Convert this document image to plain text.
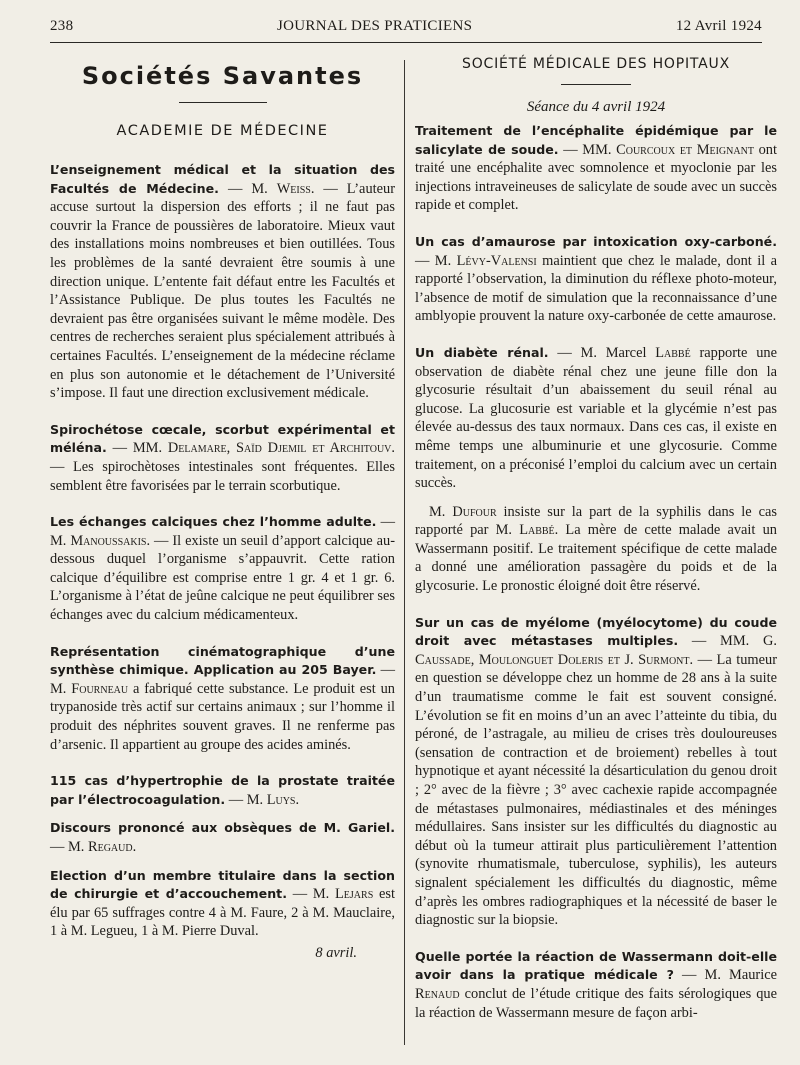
238	JOURNAL DES PRATICIENS	12 Avril 1924
Sociétés Savantes
ACADEMIE DE MÉDECINE
L’enseignement médical et la situation des Facultés de Médecine. — M. Weiss. — L’auteur accuse surtout la dispersion des efforts ; il ne faut pas couvrir la France de poussières de laboratoire. Mieux vaut des installations moins nombreuses et bien outillées. Tous les problèmes de la santé devraient être soumis à une direction unique. L’entente fait défaut entre les Facultés et l’Assistance Publique. De plus toutes les Facultés ne devraient pas être organisées suivant le même modèle. Des centres de recherches seraient plus spécialement attribués à certaines Facultés. L’enseignement de la médecine réclame en plus son autonomie et le détachement de l’Université s’impose. Il faut une direction exclusivement médicale.
Spirochétose cœcale, scorbut expérimental et méléna. — MM. Delamare, Saïd Djemil et Architouv. — Les spirochètoses intestinales sont fréquentes. Elles semblent être favorisées par le terrain scorbutique.
Les échanges calciques chez l’homme adulte. — M. Manoussakis. — Il existe un seuil d’apport calcique au-dessous duquel l’organisme s’appauvrit. Cette ration calcique d’équilibre est comprise entre 1 gr. 4 et 1 gr. 6. L’organisme à l’état de jeûne calcique ne peut équilibrer ses échanges avec du calcium médicamenteux.
Représentation cinématographique d’une synthèse chimique. Application au 205 Bayer. — M. Fourneau a fabriqué cette substance. Le produit est un trypanoside très actif sur certains animaux ; sur l’homme il produit des néphrites souvent graves. Il ne renferme pas d’arsenic. Il appartient au groupe des acides aminés.
115 cas d’hypertrophie de la prostate traitée par l’électrocoagulation. — M. Luys.
Discours prononcé aux obsèques de M. Gariel. — M. Regaud.
Election d’un membre titulaire dans la section de chirurgie et d’accouchement. — M. Lejars est élu par 65 suffrages contre 4 à M. Faure, 2 à M. Mauclaire, 1 à M. Legueu, 1 à M. Pierre Duval.

8 avril.

SOCIÉTÉ MÉDICALE DES HOPITAUX

Séance du 4 avril 1924

Traitement de l’encéphalite épidémique par le salicylate de soude. — MM. Courcoux et Meignant ont traité une encéphalite avec somnolence et myoclonie par les injections intraveineuses de salicylate de soude avec un succès rapide et complet.
Un cas d’amaurose par intoxication oxy-carboné. — M. Lévy-Valensi maintient que chez le malade, dont il a rapporté l’observation, la diminution du réflexe photo-moteur, l’absence de motif de simulation que la reconnaissance d’une amblyopie prouvent la nature oxy-carbonée de cette amaurose.
Un diabète rénal. — M. Marcel Labbé rapporte une observation de diabète rénal chez une jeune fille don la glycosurie résultait d’un abaissement du seuil rénal au glucose. La glucosurie est variable et la glycémie n’est pas élevée au-dessus des taux normaux. Dans ces cas, il existe en même temps une albuminurie et une glycosurie. Comme traitement, on a préconisé l’emploi du calcium avec un certain succès.
M. Dufour insiste sur la part de la syphilis dans le cas rapporté par M. Labbé. La mère de cette malade avait un Wassermann positif. Le traitement spécifique de cette malade a donné une amélioration passagère du poids et de la glycosurie. Le pronostic éloigné doit être réservé.
Sur un cas de myélome (myélocytome) du coude droit avec métastases multiples. — MM. G. Caussade, Moulonguet Doleris et J. Surmont. — La tumeur en question se développe chez un homme de 28 ans à la suite d’un traumatisme comme le fait est souvent consigné. L’évolution se fit en moins d’un an avec l’atteinte du tibia, du péroné, de l’astragale, au milieu de crises très douloureuses (sensation de contraction et de broiement) rebelles à tout hypnotique et ayant nécessité la désarticulation du genou droit ; 2° avec de la fièvre ; 3° avec cachexie rapide accompagnée de métastases pulmonaires, médiastinales et des méninges médullaires. Sans insister sur les difficultés du diagnostic au début où la tumeur attirait plus particulièrement l’attention (synovite rhumatismale, tuberculose, syphilis), les auteurs signalent spécialement les difficultés du diagnostic, même d’après les ombres radiographiques et la nécessité de baser le diagnostic sur la biopsie.
Quelle portée la réaction de Wassermann doit-elle avoir dans la pratique médicale ? — M. Maurice Renaud conclut de l’étude critique des faits sérologiques que la réaction de Wassermann mesure de façon arbi-
